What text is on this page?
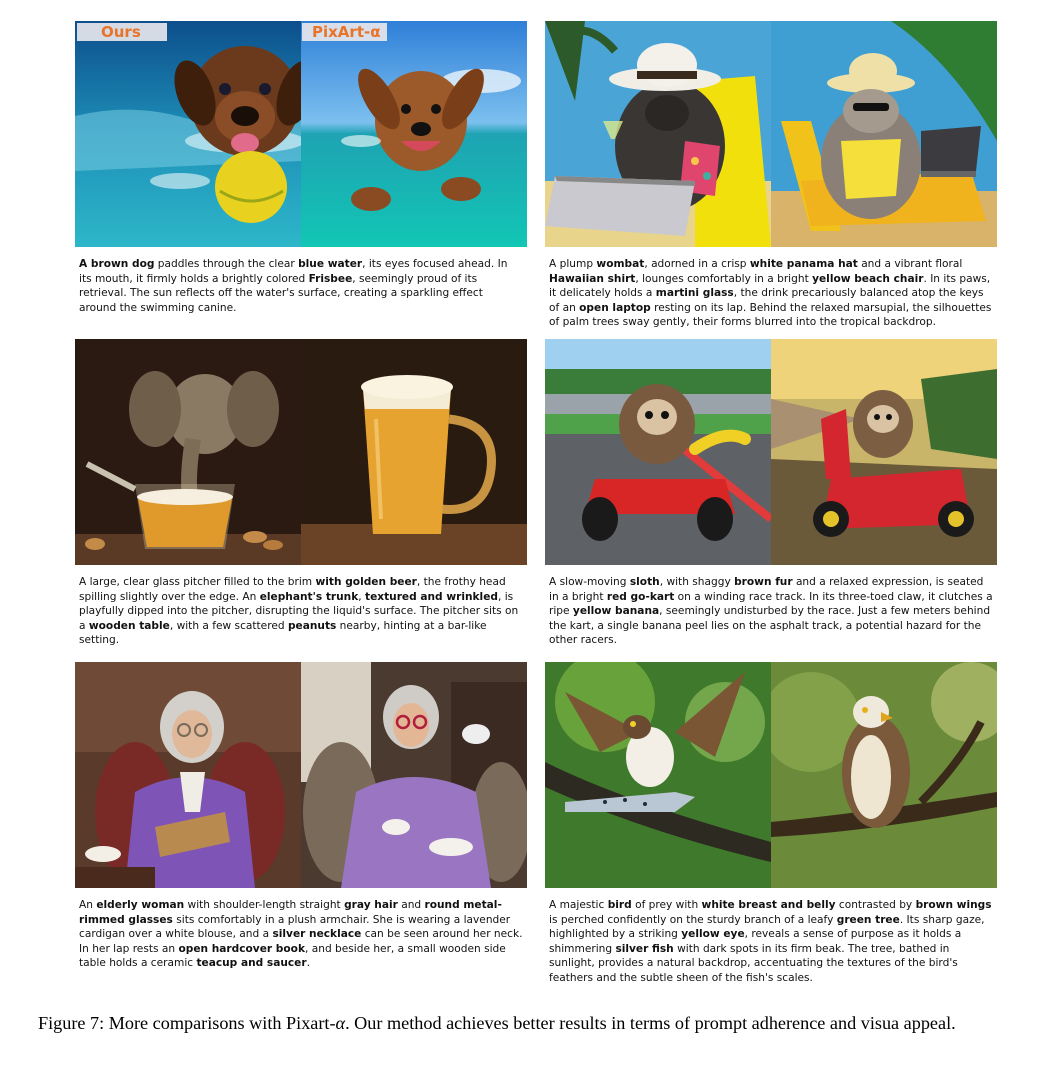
Ours	PixArt-α
A brown dog paddles through the clear blue water, its eyes focused ahead. In its mouth, it firmly holds a brightly colored Frisbee, seemingly proud of its retrieval. The sun reflects off the water's surface, creating a sparkling effect around the swimming canine.
A plump wombat, adorned in a crisp white panama hat and a vibrant floral Hawaiian shirt, lounges comfortably in a bright yellow beach chair. In its paws, it delicately holds a martini glass, the drink precariously balanced atop the keys of an open laptop resting on its lap. Behind the relaxed marsupial, the silhouettes of palm trees sway gently, their forms blurred into the tropical backdrop.
A large, clear glass pitcher filled to the brim with golden beer, the frothy head spilling slightly over the edge. An elephant's trunk, textured and wrinkled, is playfully dipped into the pitcher, disrupting the liquid's surface. The pitcher sits on a wooden table, with a few scattered peanuts nearby, hinting at a bar-like setting.
A slow-moving sloth, with shaggy brown fur and a relaxed expression, is seated in a bright red go-kart on a winding race track. In its three-toed claw, it clutches a ripe yellow banana, seemingly undisturbed by the race. Just a few meters behind the kart, a single banana peel lies on the asphalt track, a potential hazard for the other racers.
An elderly woman with shoulder-length straight gray hair and round metal-rimmed glasses sits comfortably in a plush armchair. She is wearing a lavender cardigan over a white blouse, and a silver necklace can be seen around her neck. In her lap rests an open hardcover book, and beside her, a small wooden side table holds a ceramic teacup and saucer.
A majestic bird of prey with white breast and belly contrasted by brown wings is perched confidently on the sturdy branch of a leafy green tree. Its sharp gaze, highlighted by a striking yellow eye, reveals a sense of purpose as it holds a shimmering silver fish with dark spots in its firm beak. The tree, bathed in sunlight, provides a natural backdrop, accentuating the textures of the bird's feathers and the subtle sheen of the fish's scales.
Figure 7: More comparisons with Pixart-α. Our method achieves better results in terms of prompt adherence and visua appeal.
